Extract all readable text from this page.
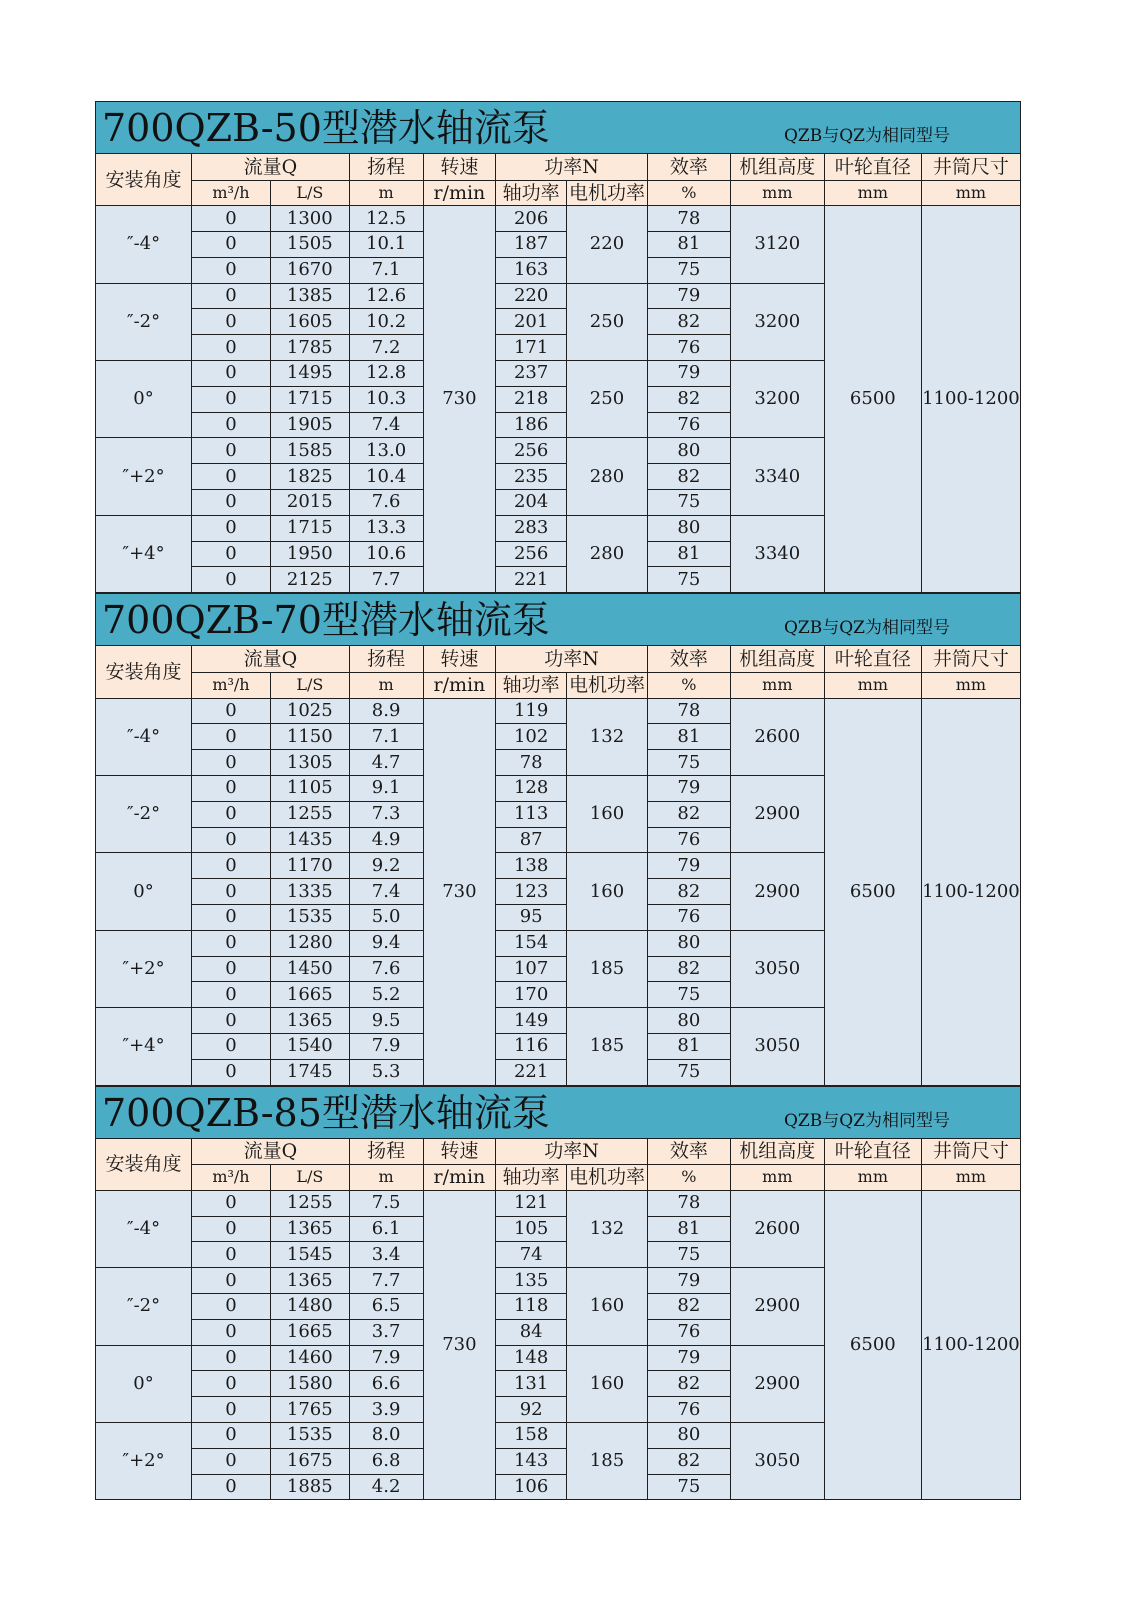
700QZB-50型潜水轴流泵	QZB与QZ为相同型号
安装角度	流量Q		扬程	转速	功率N		效率	机组高度	叶轮直径	井筒尺寸
	m³/h	L/S	m	r/min	轴功率	电机功率	%	mm	mm	mm
″-4°	0	1300	12.5	730	206	220	78	3120	6500	1100-1200
	0	1505	10.1		187		81			
	0	1670	7.1		163		75			
″-2°	0	1385	12.6		220	250	79	3200		
	0	1605	10.2		201		82			
	0	1785	7.2		171		76			
0°	0	1495	12.8		237	250	79	3200		
	0	1715	10.3		218		82			
	0	1905	7.4		186		76			
″+2°	0	1585	13.0		256	280	80	3340		
	0	1825	10.4		235		82			
	0	2015	7.6		204		75			
″+4°	0	1715	13.3		283	280	80	3340		
	0	1950	10.6		256		81			
	0	2125	7.7		221		75			
700QZB-70型潜水轴流泵	QZB与QZ为相同型号
安装角度	流量Q		扬程	转速	功率N		效率	机组高度	叶轮直径	井筒尺寸
	m³/h	L/S	m	r/min	轴功率	电机功率	%	mm	mm	mm
″-4°	0	1025	8.9	730	119	132	78	2600	6500	1100-1200
	0	1150	7.1		102		81			
	0	1305	4.7		78		75			
″-2°	0	1105	9.1		128	160	79	2900		
	0	1255	7.3		113		82			
	0	1435	4.9		87		76			
0°	0	1170	9.2		138	160	79	2900		
	0	1335	7.4		123		82			
	0	1535	5.0		95		76			
″+2°	0	1280	9.4		154	185	80	3050		
	0	1450	7.6		107		82			
	0	1665	5.2		170		75			
″+4°	0	1365	9.5		149	185	80	3050		
	0	1540	7.9		116		81			
	0	1745	5.3		221		75			
700QZB-85型潜水轴流泵	QZB与QZ为相同型号
安装角度	流量Q		扬程	转速	功率N		效率	机组高度	叶轮直径	井筒尺寸
	m³/h	L/S	m	r/min	轴功率	电机功率	%	mm	mm	mm
″-4°	0	1255	7.5	730	121	132	78	2600	6500	1100-1200
	0	1365	6.1		105		81			
	0	1545	3.4		74		75			
″-2°	0	1365	7.7		135	160	79	2900		
	0	1480	6.5		118		82			
	0	1665	3.7		84		76			
0°	0	1460	7.9		148	160	79	2900		
	0	1580	6.6		131		82			
	0	1765	3.9		92		76			
″+2°	0	1535	8.0		158	185	80	3050		
	0	1675	6.8		143		82			
	0	1885	4.2		106		75			
